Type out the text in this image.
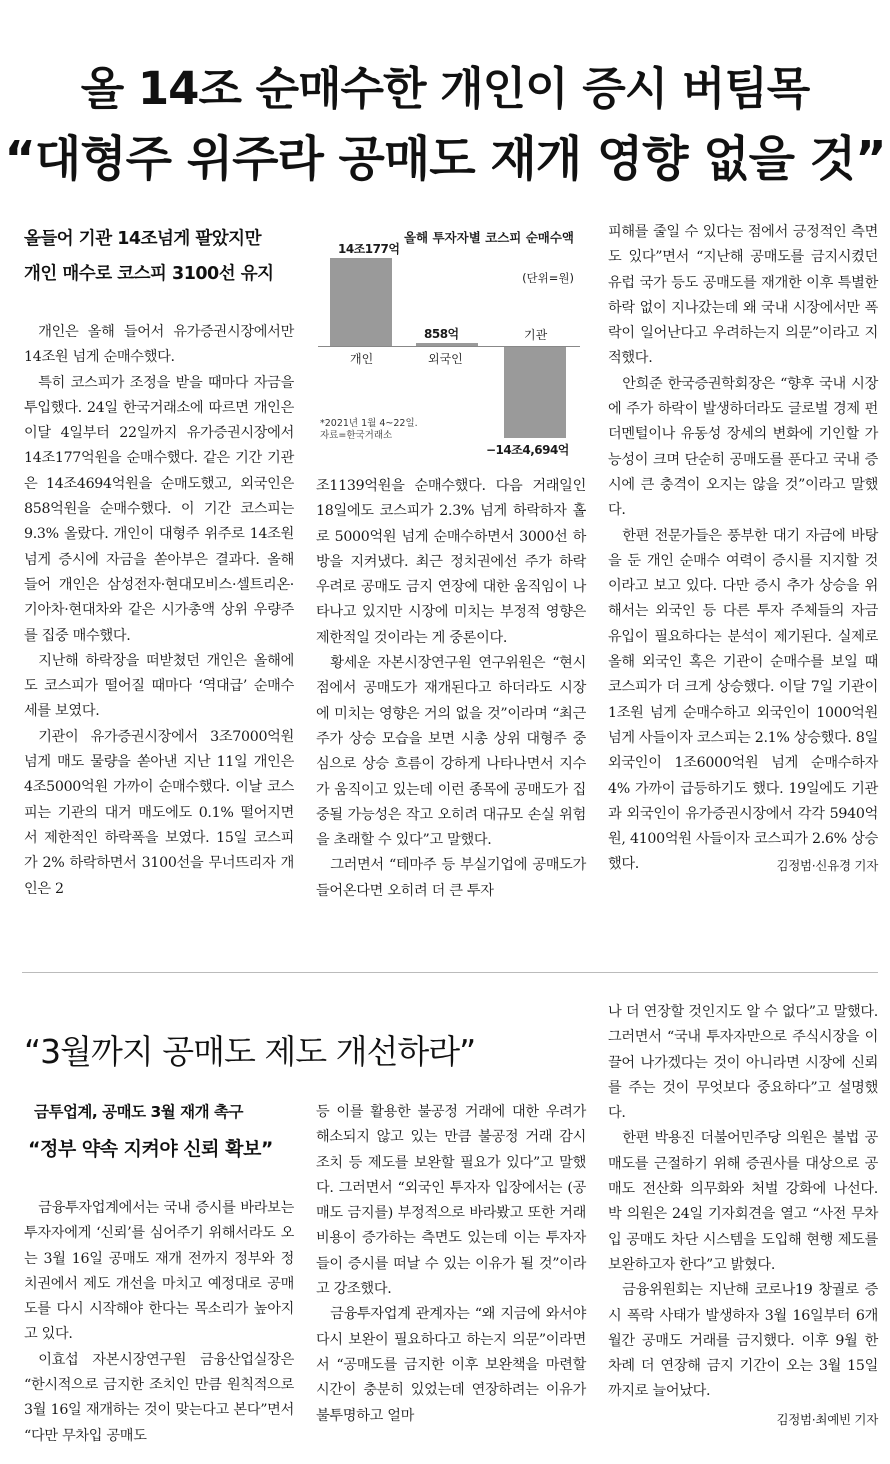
올 14조 순매수한 개인이 증시 버팀목
“대형주 위주라 공매도 재개 영향 없을 것”
올들어 기관 14조넘게 팔았지만
개인 매수로 코스피 3100선 유지

개인은 올해 들어서 유가증권시장에서만 14조원 넘게 순매수했다.

특히 코스피가 조정을 받을 때마다 자금을 투입했다. 24일 한국거래소에 따르면 개인은 이달 4일부터 22일까지 유가증권시장에서 14조177억원을 순매수했다. 같은 기간 기관은 14조4694억원을 순매도했고, 외국인은 858억원을 순매수했다. 이 기간 코스피는 9.3% 올랐다. 개인이 대형주 위주로 14조원 넘게 증시에 자금을 쏟아부은 결과다. 올해 들어 개인은 삼성전자·현대모비스·셀트리온·기아차·현대차와 같은 시가총액 상위 우량주를 집중 매수했다.

지난해 하락장을 떠받쳤던 개인은 올해에도 코스피가 떨어질 때마다 ‘역대급’ 순매수세를 보였다.

기관이 유가증권시장에서 3조7000억원 넘게 매도 물량을 쏟아낸 지난 11일 개인은 4조5000억원 가까이 순매수했다. 이날 코스피는 기관의 대거 매도에도 0.1% 떨어지면서 제한적인 하락폭을 보였다. 15일 코스피가 2% 하락하면서 3100선을 무너뜨리자 개인은 2

올해 투자자별 코스피 순매수액
(단위=원)
*2021년 1월 4~22일.
자료=한국거래소
14조177억
개인
858억
외국인
−14조4,694억
기관

조1139억원을 순매수했다. 다음 거래일인 18일에도 코스피가 2.3% 넘게 하락하자 홀로 5000억원 넘게 순매수하면서 3000선 하방을 지켜냈다. 최근 정치권에선 주가 하락 우려로 공매도 금지 연장에 대한 움직임이 나타나고 있지만 시장에 미치는 부정적 영향은 제한적일 것이라는 게 중론이다.

황세운 자본시장연구원 연구위원은 “현시점에서 공매도가 재개된다고 하더라도 시장에 미치는 영향은 거의 없을 것”이라며 “최근 주가 상승 모습을 보면 시총 상위 대형주 중심으로 상승 흐름이 강하게 나타나면서 지수가 움직이고 있는데 이런 종목에 공매도가 집중될 가능성은 작고 오히려 대규모 손실 위험을 초래할 수 있다”고 말했다.

그러면서 “테마주 등 부실기업에 공매도가 들어온다면 오히려 더 큰 투자

피해를 줄일 수 있다는 점에서 긍정적인 측면도 있다”면서 “지난해 공매도를 금지시켰던 유럽 국가 등도 공매도를 재개한 이후 특별한 하락 없이 지나갔는데 왜 국내 시장에서만 폭락이 일어난다고 우려하는지 의문”이라고 지적했다.

안희준 한국증권학회장은 “향후 국내 시장에 주가 하락이 발생하더라도 글로벌 경제 펀더멘털이나 유동성 장세의 변화에 기인할 가능성이 크며 단순히 공매도를 푼다고 국내 증시에 큰 충격이 오지는 않을 것”이라고 말했다.

한편 전문가들은 풍부한 대기 자금에 바탕을 둔 개인 순매수 여력이 증시를 지지할 것이라고 보고 있다. 다만 증시 추가 상승을 위해서는 외국인 등 다른 투자 주체들의 자금 유입이 필요하다는 분석이 제기된다. 실제로 올해 외국인 혹은 기관이 순매수를 보일 때 코스피가 더 크게 상승했다. 이달 7일 기관이 1조원 넘게 순매수하고 외국인이 1000억원 넘게 사들이자 코스피는 2.1% 상승했다. 8일 외국인이 1조6000억원 넘게 순매수하자 4% 가까이 급등하기도 했다. 19일에도 기관과 외국인이 유가증권시장에서 각각 5940억원, 4100억원 사들이자 코스피가 2.6% 상승했다.	김정범·신유경 기자
“3월까지 공매도 제도 개선하라”
금투업계, 공매도 3월 재개 촉구
“정부 약속 지켜야 신뢰 확보”

금융투자업계에서는 국내 증시를 바라보는 투자자에게 ‘신뢰’를 심어주기 위해서라도 오는 3월 16일 공매도 재개 전까지 정부와 정치권에서 제도 개선을 마치고 예정대로 공매도를 다시 시작해야 한다는 목소리가 높아지고 있다.

이효섭 자본시장연구원 금융산업실장은 “한시적으로 금지한 조치인 만큼 원칙적으로 3월 16일 재개하는 것이 맞는다고 본다”면서 “다만 무차입 공매도

등 이를 활용한 불공정 거래에 대한 우려가 해소되지 않고 있는 만큼 불공정 거래 감시 조치 등 제도를 보완할 필요가 있다”고 말했다. 그러면서 “외국인 투자자 입장에서는 (공매도 금지를) 부정적으로 바라봤고 또한 거래비용이 증가하는 측면도 있는데 이는 투자자들이 증시를 떠날 수 있는 이유가 될 것”이라고 강조했다.

금융투자업계 관계자는 “왜 지금에 와서야 다시 보완이 필요하다고 하는지 의문”이라면서 “공매도를 금지한 이후 보완책을 마련할 시간이 충분히 있었는데 연장하려는 이유가 불투명하고 얼마

나 더 연장할 것인지도 알 수 없다”고 말했다. 그러면서 “국내 투자자만으로 주식시장을 이끌어 나가겠다는 것이 아니라면 시장에 신뢰를 주는 것이 무엇보다 중요하다”고 설명했다.

한편 박용진 더불어민주당 의원은 불법 공매도를 근절하기 위해 증권사를 대상으로 공매도 전산화 의무화와 처벌 강화에 나선다. 박 의원은 24일 기자회견을 열고 “사전 무차입 공매도 차단 시스템을 도입해 현행 제도를 보완하고자 한다”고 밝혔다.

금융위원회는 지난해 코로나19 창궐로 증시 폭락 사태가 발생하자 3월 16일부터 6개월간 공매도 거래를 금지했다. 이후 9월 한 차례 더 연장해 금지 기간이 오는 3월 15일까지로 늘어났다.

김정범·최예빈 기자
